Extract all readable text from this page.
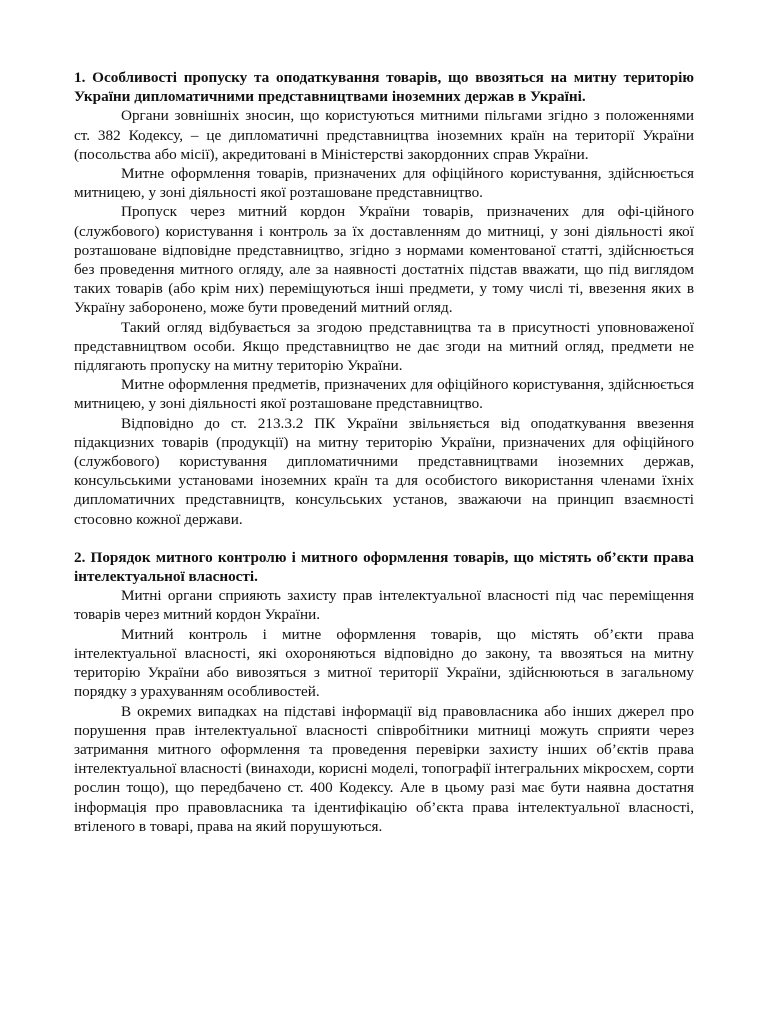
1. Особливості пропуску та оподаткування товарів, що ввозяться на митну територію України дипломатичними представництвами іноземних держав в Україні.

Органи зовнішніх зносин, що користуються митними пільгами згідно з положеннями ст. 382 Кодексу, – це дипломатичні представництва іноземних країн на території України (посольства або місії), акредитовані в Міністерстві закордонних справ України.

Митне оформлення товарів, призначених для офіційного користування, здійснюється митницею, у зоні діяльності якої розташоване представництво.

Пропуск через митний кордон України товарів, призначених для офі-ційного (службового) користування і контроль за їх доставленням до митниці, у зоні діяльності якої розташоване відповідне представництво, згідно з нормами коментованої статті, здійснюється без проведення митного огляду, але за наявності достатніх підстав вважати, що під виглядом таких товарів (або крім них) переміщуються інші предмети, у тому числі ті, ввезення яких в Україну заборонено, може бути проведений митний огляд.

Такий огляд відбувається за згодою представництва та в присутності уповноваженої представництвом особи. Якщо представництво не дає згоди на митний огляд, предмети не підлягають пропуску на митну територію України.

Митне оформлення предметів, призначених для офіційного користування, здійснюється митницею, у зоні діяльності якої розташоване представництво.

Відповідно до ст. 213.3.2 ПК України звільняється від оподаткування ввезення підакцизних товарів (продукції) на митну територію України, призначених для офіційного (службового) користування дипломатичними представництвами іноземних держав, консульськими установами іноземних країн та для особистого використання членами їхніх дипломатичних представництв, консульських установ, зважаючи на принцип взаємності стосовно кожної держави.

2. Порядок митного контролю і митного оформлення товарів, що містять об’єкти права інтелектуальної власності.

Митні органи сприяють захисту прав інтелектуальної власності під час переміщення товарів через митний кордон України.

Митний контроль і митне оформлення товарів, що містять об’єкти права інтелектуальної власності, які охороняються відповідно до закону, та ввозяться на митну територію України або вивозяться з митної території України, здійснюються в загальному порядку з урахуванням особливостей.

В окремих випадках на підставі інформації від правовласника або інших джерел про порушення прав інтелектуальної власності співробітники митниці можуть сприяти через затримання митного оформлення та проведення перевірки захисту інших об’єктів права інтелектуальної власності (винаходи, корисні моделі, топографії інтегральних мікросхем, сорти рослин тощо), що передбачено ст. 400 Кодексу. Але в цьому разі має бути наявна достатня інформація про правовласника та ідентифікацію об’єкта права інтелектуальної власності, втіленого в товарі, права на який порушуються.
